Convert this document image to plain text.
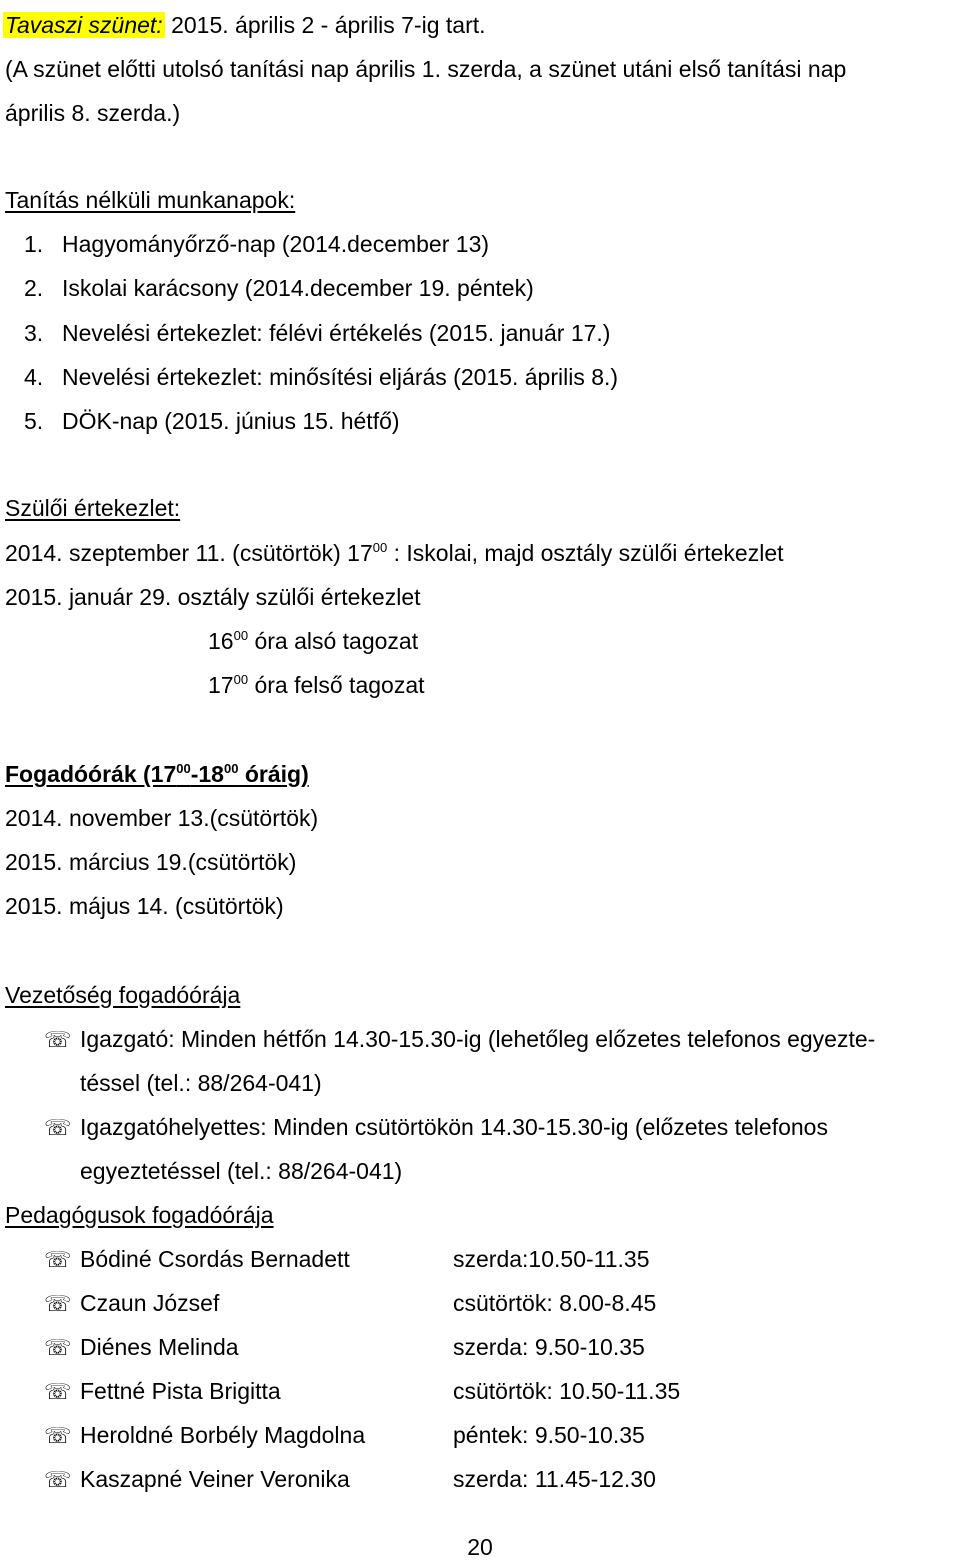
Tavaszi szünet: 2015. április 2 - április 7-ig tart.
(A szünet előtti utolsó tanítási nap április 1. szerda, a szünet utáni első tanítási nap
április 8. szerda.)
Tanítás nélküli munkanapok:
1. Hagyományőrző-nap (2014.december 13)
2. Iskolai karácsony (2014.december 19. péntek)
3. Nevelési értekezlet: félévi értékelés (2015. január 17.)
4. Nevelési értekezlet: minősítési eljárás (2015. április 8.)
5. DÖK-nap (2015. június 15. hétfő)
Szülői értekezlet:
2014. szeptember 11. (csütörtök) $17^{00}$ : Iskolai, majd osztály szülői értekezlet
2015. január 29. osztály szülői értekezlet
$16^{00}$ óra alsó tagozat
$17^{00}$ óra felső tagozat
Fogadóórák ($17^{00}-18^{00}$ óráig)
2014. november 13.(csütörtök)
2015. március 19.(csütörtök)
2015. május 14. (csütörtök)
Vezetőség fogadóórája
☏ Igazgató: Minden hétfőn 14.30-15.30-ig (lehetőleg előzetes telefonos egyezte-
téssel (tel.: 88/264-041)
☏ Igazgatóhelyettes: Minden csütörtökön 14.30-15.30-ig (előzetes telefonos
egyeztetéssel (tel.: 88/264-041)
Pedagógusok fogadóórája
☏ Bódiné Csordás Bernadett	szerda:10.50-11.35
☏ Czaun József	csütörtök: 8.00-8.45
☏ Diénes Melinda	szerda: 9.50-10.35
☏ Fettné Pista Brigitta	csütörtök: 10.50-11.35
☏ Heroldné Borbély Magdolna	péntek: 9.50-10.35
☏ Kaszapné Veiner Veronika	szerda: 11.45-12.30
20
